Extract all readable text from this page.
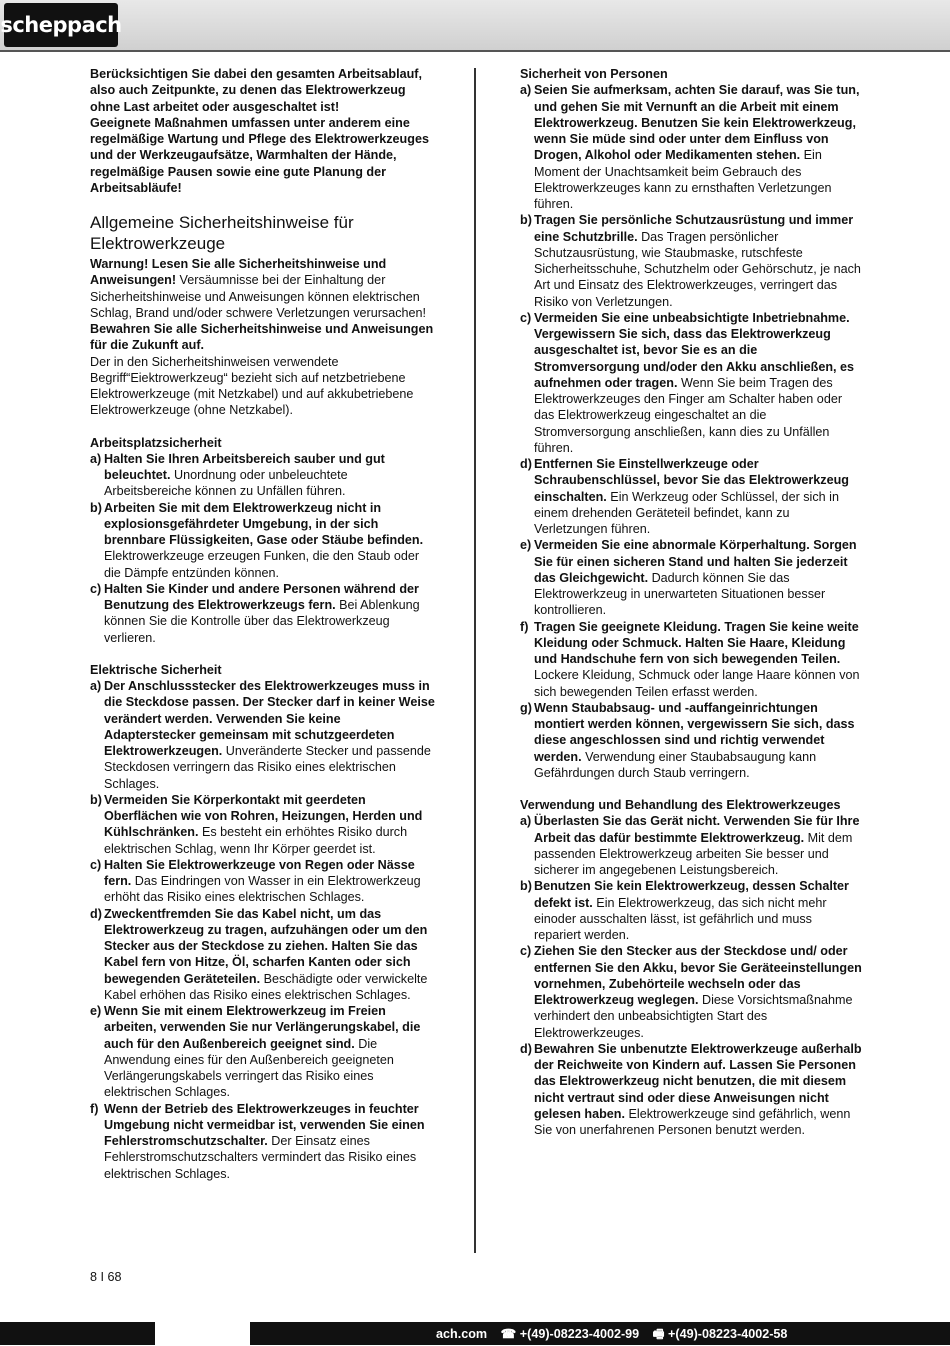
scheppach

Berücksichtigen Sie dabei den gesamten Arbeitsablauf, also auch Zeitpunkte, zu denen das Elektrowerkzeug ohne Last arbeitet oder ausgeschaltet ist!

Geeignete Maßnahmen umfassen unter anderem eine regelmäßige Wartung und Pflege des Elektrowerkzeuges und der Werkzeugaufsätze, Warmhalten der Hände, regelmäßige Pausen sowie eine gute Planung der Arbeitsabläufe!

Allgemeine Sicherheitshinweise für Elektrowerkzeuge

Warnung! Lesen Sie alle Sicherheitshinweise und Anweisungen! Versäumnisse bei der Einhaltung der Sicherheitshinweise und Anweisungen können elektrischen Schlag, Brand und/oder schwere Verletzungen verursachen!

Bewahren Sie alle Sicherheitshinweise und Anweisungen für die Zukunft auf.

Der in den Sicherheitshinweisen verwendete Begriff“Eiektrowerkzeug“ bezieht sich auf netzbetriebene Elektrowerkzeuge (mit Netzkabel) und auf akkubetriebene Elektrowerkzeuge (ohne Netzkabel).

Arbeitsplatzsicherheit
a) Halten Sie Ihren Arbeitsbereich sauber und gut beleuchtet. Unordnung oder unbeleuchtete Arbeitsbereiche können zu Unfällen führen.
b) Arbeiten Sie mit dem Elektrowerkzeug nicht in explosionsgefährdeter Umgebung, in der sich brennbare Flüssigkeiten, Gase oder Stäube befinden. Elektrowerkzeuge erzeugen Funken, die den Staub oder die Dämpfe entzünden können.
c) Halten Sie Kinder und andere Personen während der Benutzung des Elektrowerkzeugs fern. Bei Ablenkung können Sie die Kontrolle über das Elektrowerkzeug verlieren.
Elektrische Sicherheit
a) Der Anschlussstecker des Elektrowerkzeuges muss in die Steckdose passen. Der Stecker darf in keiner Weise verändert werden. Verwenden Sie keine Adapterstecker gemeinsam mit schutzgeerdeten Elektrowerkzeugen. Unveränderte Stecker und passende Steckdosen verringern das Risiko eines elektrischen Schlages.
b) Vermeiden Sie Körperkontakt mit geerdeten Oberflächen wie von Rohren, Heizungen, Herden und Kühlschränken. Es besteht ein erhöhtes Risiko durch elektrischen Schlag, wenn Ihr Körper geerdet ist.
c) Halten Sie Elektrowerkzeuge von Regen oder Nässe fern. Das Eindringen von Wasser in ein Elektrowerkzeug erhöht das Risiko eines elektrischen Schlages.
d) Zweckentfremden Sie das Kabel nicht, um das Elektrowerkzeug zu tragen, aufzuhängen oder um den Stecker aus der Steckdose zu ziehen. Halten Sie das Kabel fern von Hitze, Öl, scharfen Kanten oder sich bewegenden Geräteteilen. Beschädigte oder verwickelte Kabel erhöhen das Risiko eines elektrischen Schlages.
e) Wenn Sie mit einem Elektrowerkzeug im Freien arbeiten, verwenden Sie nur Verlängerungskabel, die auch für den Außenbereich geeignet sind. Die Anwendung eines für den Außenbereich geeigneten Verlängerungskabels verringert das Risiko eines elektrischen Schlages.
f) Wenn der Betrieb des Elektrowerkzeuges in feuchter Umgebung nicht vermeidbar ist, verwenden Sie einen Fehlerstromschutzschalter. Der Einsatz eines Fehlerstromschutzschalters vermindert das Risiko eines elektrischen Schlages.
Sicherheit von Personen
a) Seien Sie aufmerksam, achten Sie darauf, was Sie tun, und gehen Sie mit Vernunft an die Arbeit mit einem Elektrowerkzeug. Benutzen Sie kein Elektrowerkzeug, wenn Sie müde sind oder unter dem Einfluss von Drogen, Alkohol oder Medikamenten stehen. Ein Moment der Unachtsamkeit beim Gebrauch des Elektrowerkzeuges kann zu ernsthaften Verletzungen führen.
b) Tragen Sie persönliche Schutzausrüstung und immer eine Schutzbrille. Das Tragen persönlicher Schutzausrüstung, wie Staubmaske, rutschfeste Sicherheitsschuhe, Schutzhelm oder Gehörschutz, je nach Art und Einsatz des Elektrowerkzeuges, verringert das Risiko von Verletzungen.
c) Vermeiden Sie eine unbeabsichtigte Inbetriebnahme. Vergewissern Sie sich, dass das Elektrowerkzeug ausgeschaltet ist, bevor Sie es an die Stromversorgung und/oder den Akku anschließen, es aufnehmen oder tragen. Wenn Sie beim Tragen des Elektrowerkzeuges den Finger am Schalter haben oder das Elektrowerkzeug eingeschaltet an die Stromversorgung anschließen, kann dies zu Unfällen führen.
d) Entfernen Sie Einstellwerkzeuge oder Schraubenschlüssel, bevor Sie das Elektrowerkzeug einschalten. Ein Werkzeug oder Schlüssel, der sich in einem drehenden Geräteteil befindet, kann zu Verletzungen führen.
e) Vermeiden Sie eine abnormale Körperhaltung. Sorgen Sie für einen sicheren Stand und halten Sie jederzeit das Gleichgewicht. Dadurch können Sie das Elektrowerkzeug in unerwarteten Situationen besser kontrollieren.
f) Tragen Sie geeignete Kleidung. Tragen Sie keine weite Kleidung oder Schmuck. Halten Sie Haare, Kleidung und Handschuhe fern von sich bewegenden Teilen. Lockere Kleidung, Schmuck oder lange Haare können von sich bewegenden Teilen erfasst werden.
g) Wenn Staubabsaug- und -auffangeinrichtungen montiert werden können, vergewissern Sie sich, dass diese angeschlossen sind und richtig verwendet werden. Verwendung einer Staubabsaugung kann Gefährdungen durch Staub verringern.
Verwendung und Behandlung des Elektrowerkzeuges
a) Überlasten Sie das Gerät nicht. Verwenden Sie für Ihre Arbeit das dafür bestimmte Elektrowerkzeug. Mit dem passenden Elektrowerkzeug arbeiten Sie besser und sicherer im angegebenen Leistungsbereich.
b) Benutzen Sie kein Elektrowerkzeug, dessen Schalter defekt ist. Ein Elektrowerkzeug, das sich nicht mehr einoder ausschalten lässt, ist gefährlich und muss repariert werden.
c) Ziehen Sie den Stecker aus der Steckdose und/ oder entfernen Sie den Akku, bevor Sie Geräteeinstellungen vornehmen, Zubehörteile wechseln oder das Elektrowerkzeug weglegen. Diese Vorsichtsmaßnahme verhindert den unbeabsichtigten Start des Elektrowerkzeuges.
d) Bewahren Sie unbenutzte Elektrowerkzeuge außerhalb der Reichweite von Kindern auf. Lassen Sie Personen das Elektrowerkzeug nicht benutzen, die mit diesem nicht vertraut sind oder diese Anweisungen nicht gelesen haben. Elektrowerkzeuge sind gefährlich, wenn Sie von unerfahrenen Personen benutzt werden.
8 I 68
ach.com ☎ +(49)-08223-4002-99 🖷 +(49)-08223-4002-58
